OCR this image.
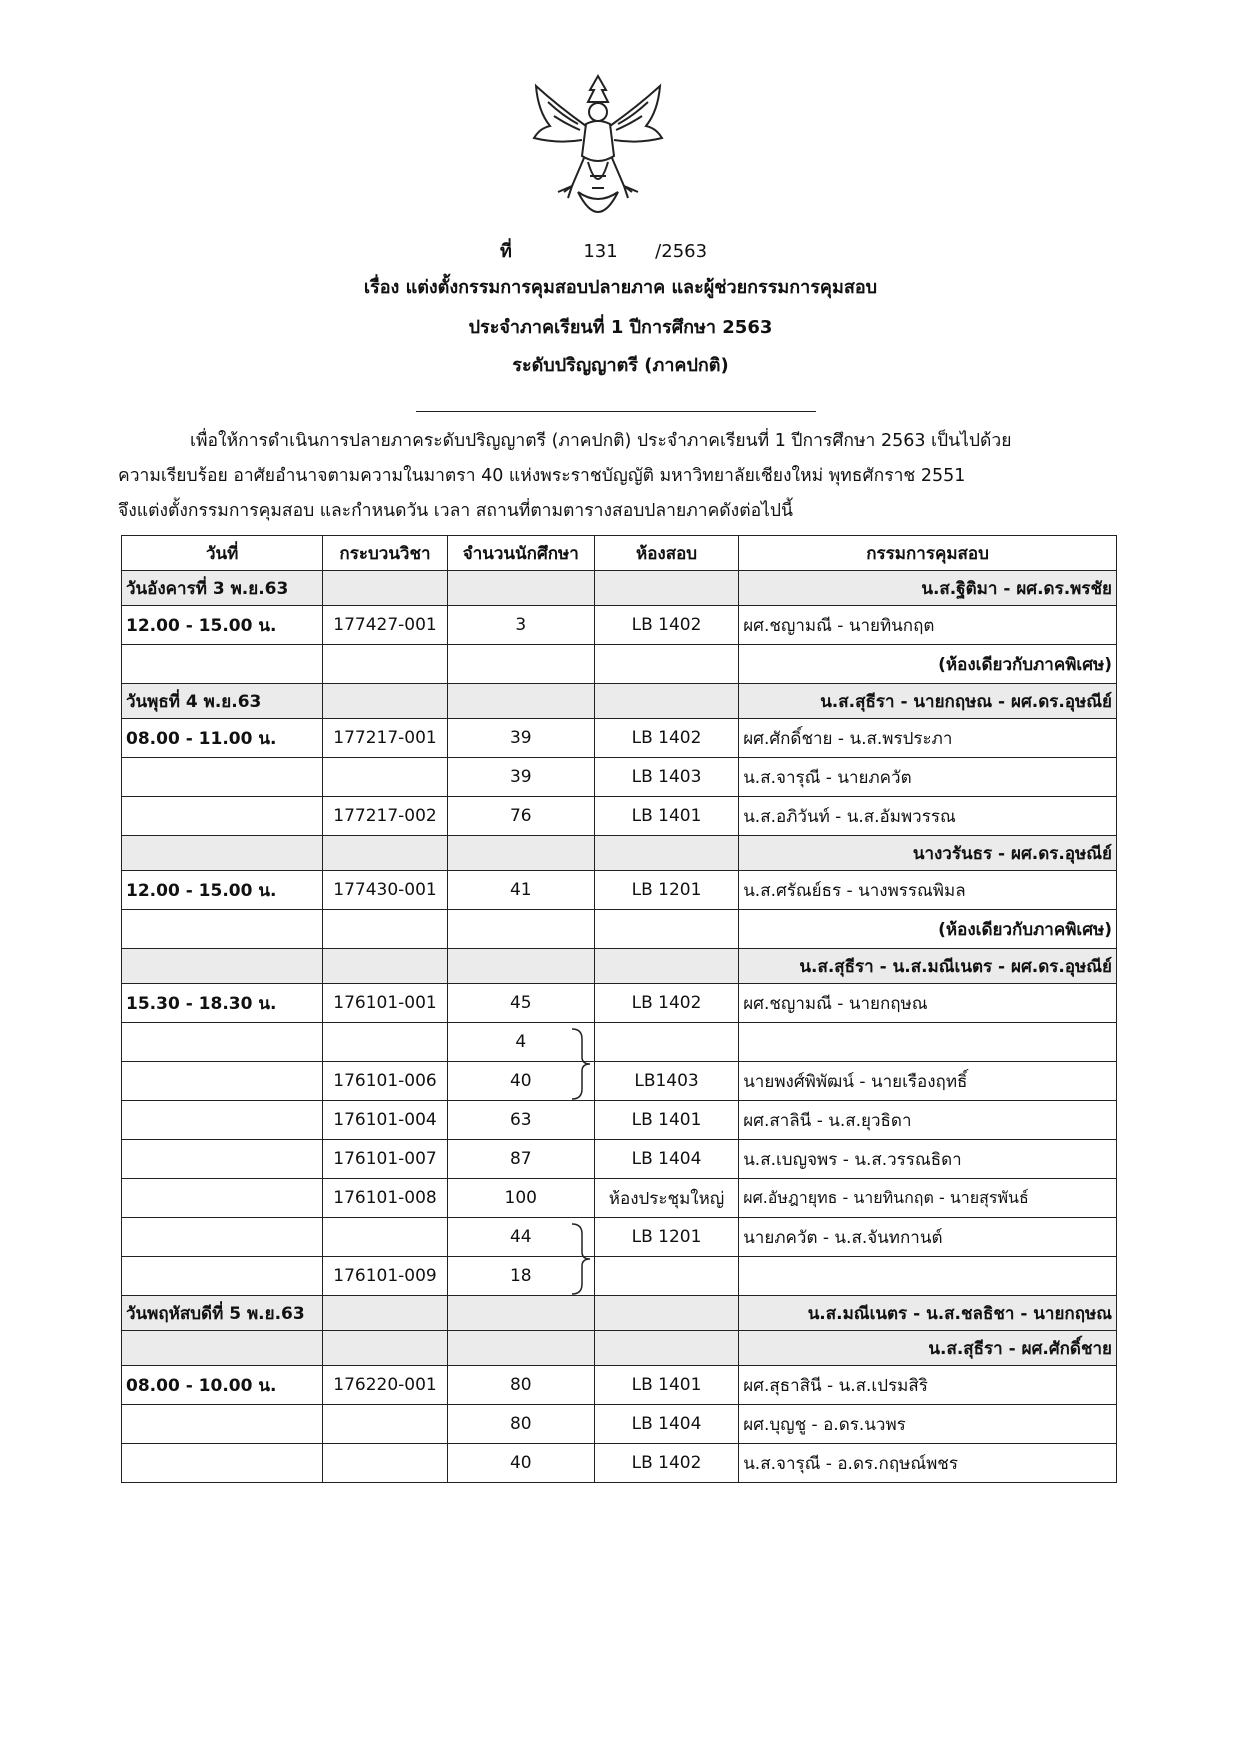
ที่	131 /2563
เรื่อง แต่งตั้งกรรมการคุมสอบปลายภาค และผู้ช่วยกรรมการคุมสอบ
ประจำภาคเรียนที่ 1 ปีการศึกษา 2563
ระดับปริญญาตรี (ภาคปกติ)
เพื่อให้การดำเนินการปลายภาคระดับปริญญาตรี (ภาคปกติ) ประจำภาคเรียนที่ 1 ปีการศึกษา 2563 เป็นไปด้วย
ความเรียบร้อย อาศัยอำนาจตามความในมาตรา 40 แห่งพระราชบัญญัติ มหาวิทยาลัยเชียงใหม่ พุทธศักราช 2551
จึงแต่งตั้งกรรมการคุมสอบ และกำหนดวัน เวลา สถานที่ตามตารางสอบปลายภาคดังต่อไปนี้
วันที่	กระบวนวิชา	จำนวนนักศึกษา	ห้องสอบ	กรรมการคุมสอบ
วันอังคารที่ 3 พ.ย.63				น.ส.ฐิติมา - ผศ.ดร.พรชัย
12.00 - 15.00 น.	177427-001	3	LB 1402	ผศ.ชญามณี - นายทินกฤต
				(ห้องเดียวกับภาคพิเศษ)
วันพุธที่ 4 พ.ย.63				น.ส.สุธีรา - นายกฤษณ - ผศ.ดร.อุษณีย์
08.00 - 11.00 น.	177217-001	39	LB 1402	ผศ.ศักดิ์ชาย - น.ส.พรประภา
		39	LB 1403	น.ส.จารุณี - นายภควัต
	177217-002	76	LB 1401	น.ส.อภิวันท์ - น.ส.อัมพวรรณ
				นางวรันธร - ผศ.ดร.อุษณีย์
12.00 - 15.00 น.	177430-001	41	LB 1201	น.ส.ศรัณย์ธร - นางพรรณพิมล
				(ห้องเดียวกับภาคพิเศษ)
				น.ส.สุธีรา - น.ส.มณีเนตร - ผศ.ดร.อุษณีย์
15.30 - 18.30 น.	176101-001	45	LB 1402	ผศ.ชญามณี - นายกฤษณ
		4

	176101-006	40	LB1403	นายพงศ์พิพัฒน์ - นายเรืองฤทธิ์
	176101-004	63	LB 1401	ผศ.สาลินี - น.ส.ยุวธิดา
	176101-007	87	LB 1404	น.ส.เบญจพร - น.ส.วรรณธิดา
	176101-008	100	ห้องประชุมใหญ่	ผศ.อัษฎายุทธ - นายทินกฤต - นายสุรพันธ์
		44	LB 1201	นายภควัต - น.ส.จันทกานต์
	176101-009	18		
วันพฤหัสบดีที่ 5 พ.ย.63				น.ส.มณีเนตร - น.ส.ชลธิชา - นายกฤษณ
				น.ส.สุธีรา - ผศ.ศักดิ์ชาย
08.00 - 10.00 น.	176220-001	80	LB 1401	ผศ.สุธาสินี - น.ส.เปรมสิริ
		80	LB 1404	ผศ.บุญชู - อ.ดร.นวพร
		40	LB 1402	น.ส.จารุณี - อ.ดร.กฤษณ์พชร
